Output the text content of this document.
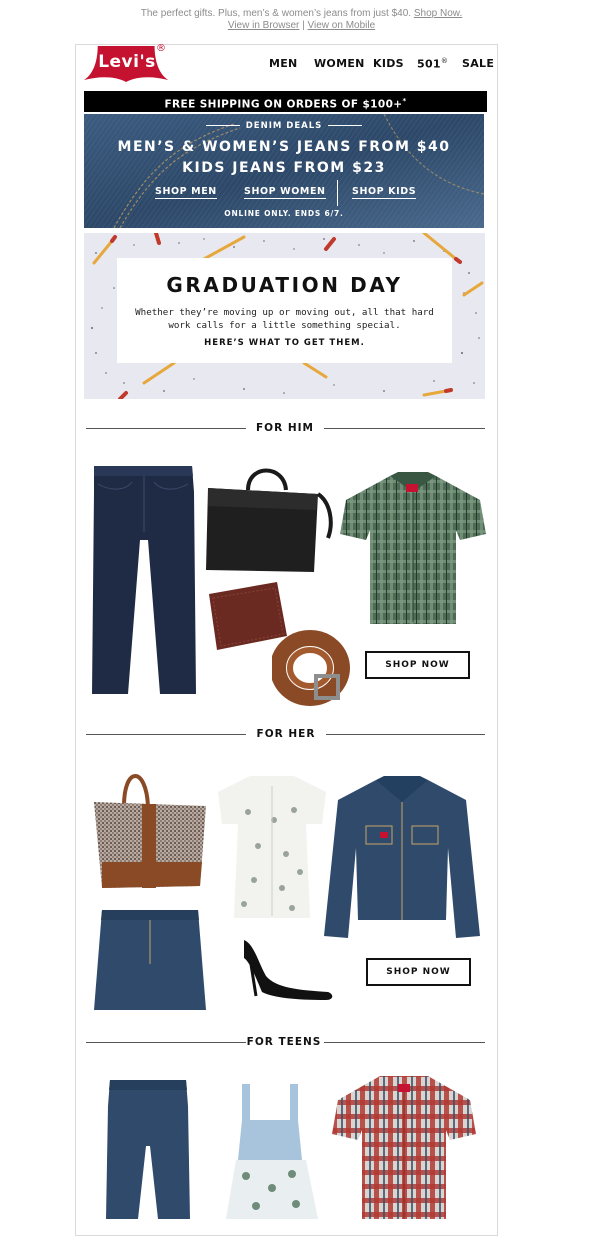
The perfect gifts. Plus, men’s & women’s jeans from just $40. Shop Now.
View in Browser | View on Mobile
Levi's
®
MEN WOMEN KIDS 501® SALE
FREE SHIPPING ON ORDERS OF $100+*
DENIM DEALS
MEN’S & WOMEN’S JEANS FROM $40
KIDS JEANS FROM $23
SHOP MEN	SHOP WOMEN	SHOP KIDS
ONLINE ONLY. ENDS 6/7.
GRADUATION DAY
Whether they’re moving up or moving out, all that hard
work calls for a little something special.
HERE’S WHAT TO GET THEM.
FOR HIM
SHOP NOW
FOR HER
SHOP NOW
FOR TEENS
